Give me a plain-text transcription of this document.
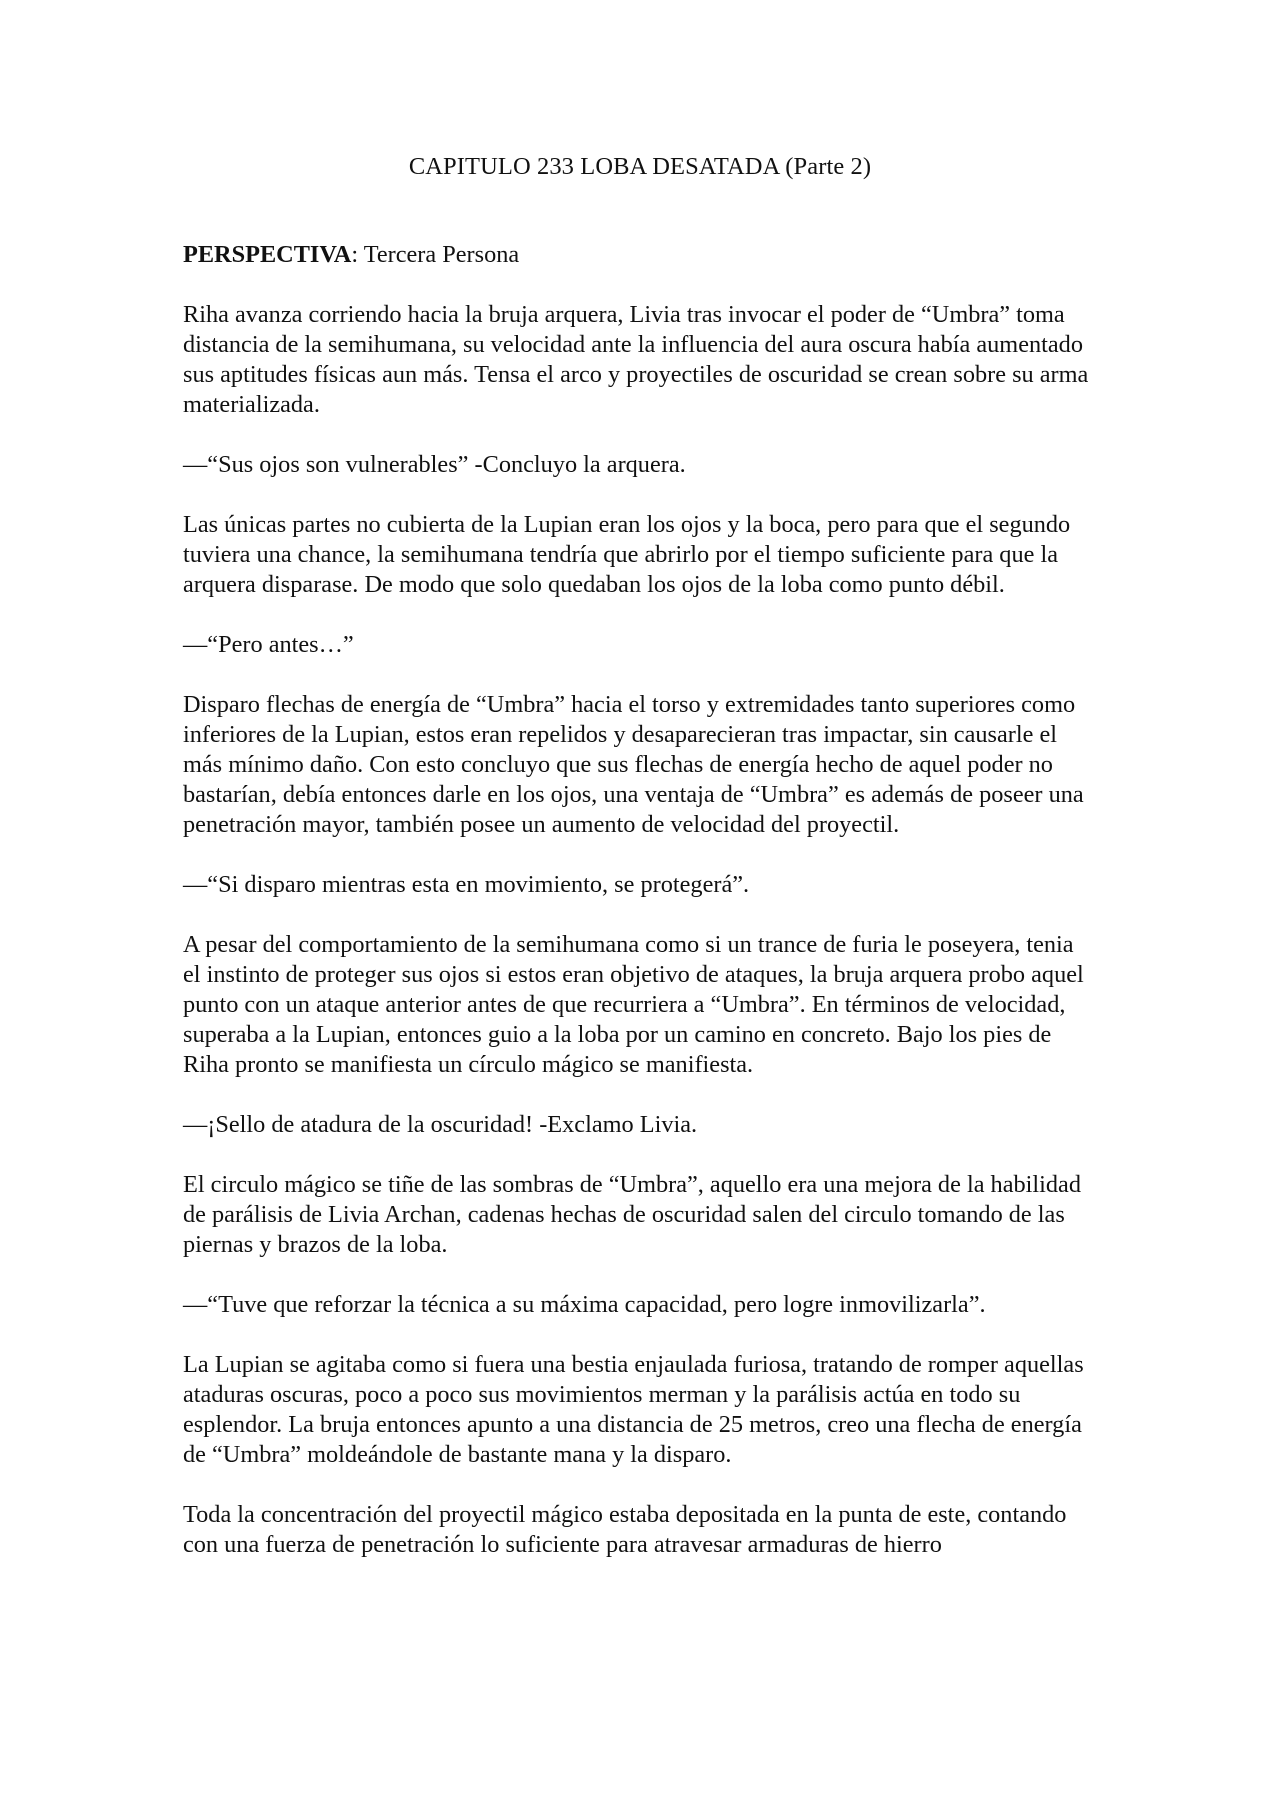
CAPITULO 233 LOBA DESATADA (Parte 2)

PERSPECTIVA: Tercera Persona

Riha avanza corriendo hacia la bruja arquera, Livia tras invocar el poder de “Umbra” toma distancia de la semihumana, su velocidad ante la influencia del aura oscura había aumentado sus aptitudes físicas aun más. Tensa el arco y proyectiles de oscuridad se crean sobre su arma materializada.

—“Sus ojos son vulnerables” -Concluyo la arquera.

Las únicas partes no cubierta de la Lupian eran los ojos y la boca, pero para que el segundo tuviera una chance, la semihumana tendría que abrirlo por el tiempo suficiente para que la arquera disparase. De modo que solo quedaban los ojos de la loba como punto débil.

—“Pero antes…”

Disparo flechas de energía de “Umbra” hacia el torso y extremidades tanto superiores como inferiores de la Lupian, estos eran repelidos y desaparecieran tras impactar, sin causarle el más mínimo daño. Con esto concluyo que sus flechas de energía hecho de aquel poder no bastarían, debía entonces darle en los ojos, una ventaja de “Umbra” es además de poseer una penetración mayor, también posee un aumento de velocidad del proyectil.

—“Si disparo mientras esta en movimiento, se protegerá”.

A pesar del comportamiento de la semihumana como si un trance de furia le poseyera, tenia el instinto de proteger sus ojos si estos eran objetivo de ataques, la bruja arquera probo aquel punto con un ataque anterior antes de que recurriera a “Umbra”. En términos de velocidad, superaba a la Lupian, entonces guio a la loba por un camino en concreto. Bajo los pies de Riha pronto se manifiesta un círculo mágico se manifiesta.

—¡Sello de atadura de la oscuridad! -Exclamo Livia.

El circulo mágico se tiñe de las sombras de “Umbra”, aquello era una mejora de la habilidad de parálisis de Livia Archan, cadenas hechas de oscuridad salen del circulo tomando de las piernas y brazos de la loba.

—“Tuve que reforzar la técnica a su máxima capacidad, pero logre inmovilizarla”.

La Lupian se agitaba como si fuera una bestia enjaulada furiosa, tratando de romper aquellas ataduras oscuras, poco a poco sus movimientos merman y la parálisis actúa en todo su esplendor. La bruja entonces apunto a una distancia de 25 metros, creo una flecha de energía de “Umbra” moldeándole de bastante mana y la disparo.

Toda la concentración del proyectil mágico estaba depositada en la punta de este, contando con una fuerza de penetración lo suficiente para atravesar armaduras de hierro
